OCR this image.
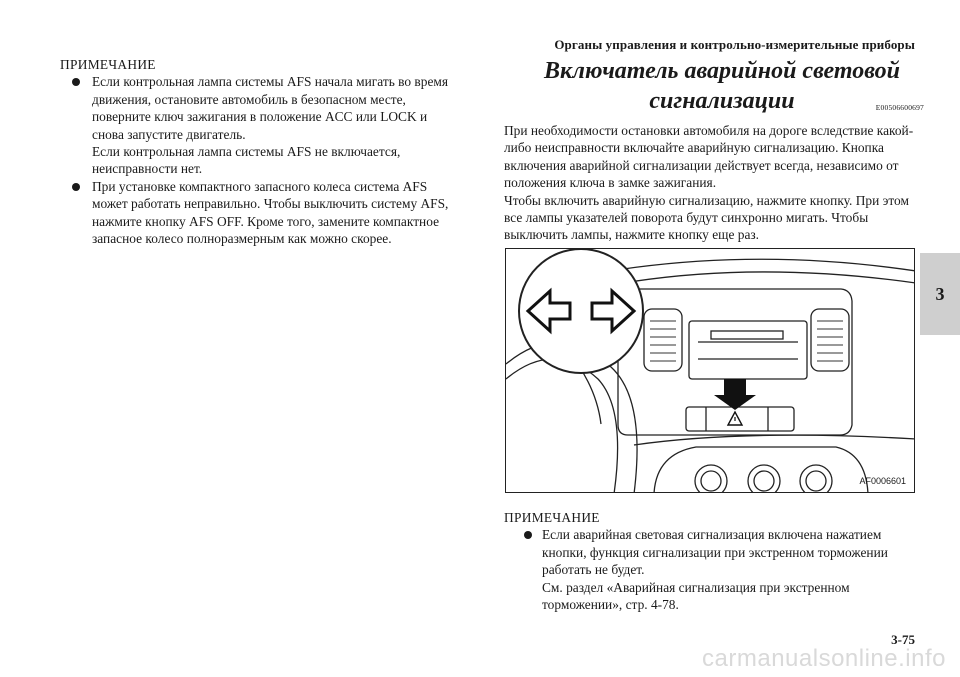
Органы управления и контрольно-измерительные приборы
3
ПРИМЕЧАНИЕ
Если контрольная лампа системы AFS начала мигать во время движения, остановите автомобиль в безопасном месте, поверните ключ зажигания в положение ACC или LOCK и снова запустите двигатель.
Если контрольная лампа системы AFS не включается, неисправности нет.
При установке компактного запасного колеса система AFS может работать неправильно. Чтобы выключить систему AFS, нажмите кнопку AFS OFF. Кроме того, замените компактное запасное колесо полноразмерным как можно скорее.
Включатель аварийной световой сигнализации	E00506600697
При необходимости остановки автомобиля на дороге вследствие какой-либо неисправности включайте аварийную сигнализацию. Кнопка включения аварийной сигнализации действует всегда, независимо от положения ключа в замке зажигания.
Чтобы включить аварийную сигнализацию, нажмите кнопку. При этом все лампы указателей поворота будут синхронно мигать. Чтобы выключить лампы, нажмите кнопку еще раз.
AF0006601
ПРИМЕЧАНИЕ
Если аварийная световая сигнализация включена нажатием кнопки, функция сигнализации при экстренном торможении работать не будет.
См. раздел «Аварийная сигнализация при экстренном торможении», стр. 4-78.
3-75
carmanualsonline.info
